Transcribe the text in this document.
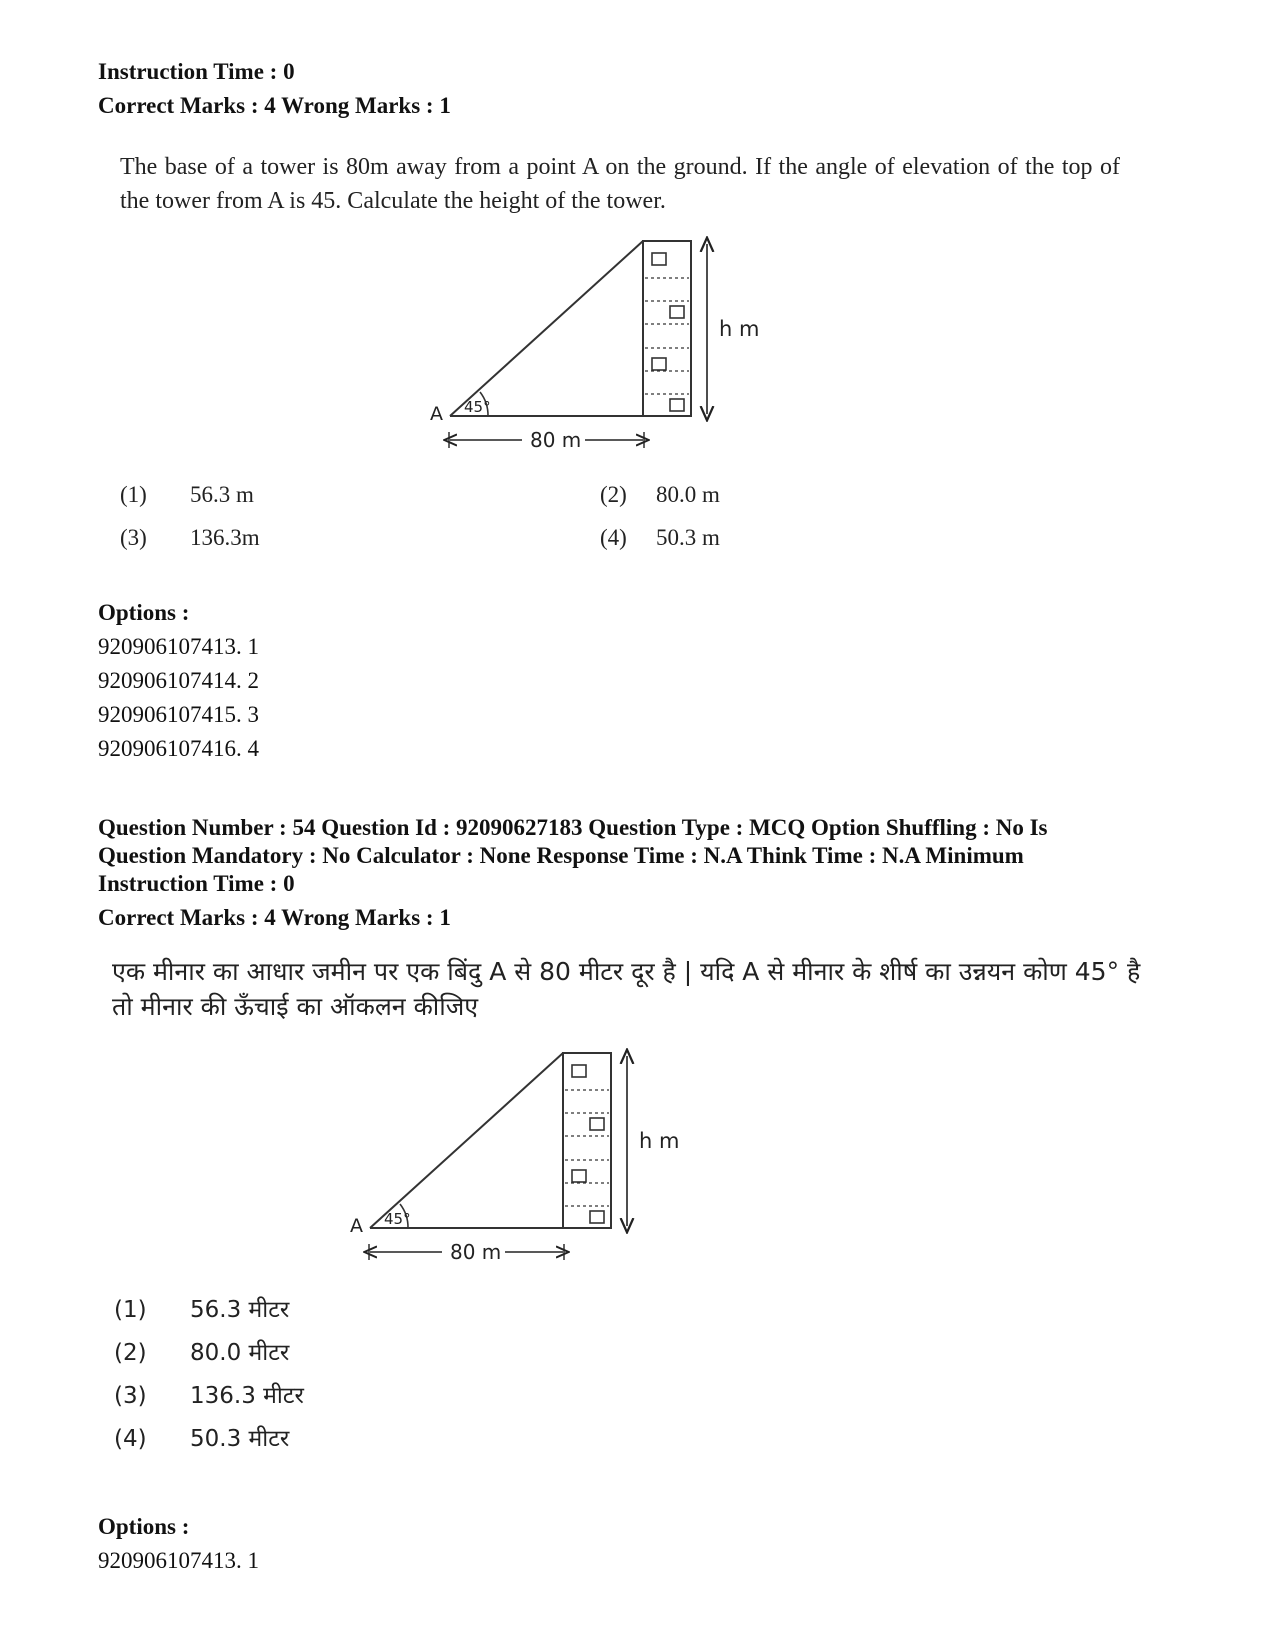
Instruction Time : 0
Correct Marks : 4 Wrong Marks : 1
The base of a tower is 80m away from a point A on the ground. If the angle of elevation of the top of the tower from A is 45. Calculate the height of the tower.
45°
A
h m
80 m
(1) 56.3 m	(2) 80.0 m
(3) 136.3m	(4) 50.3 m
Options :
920906107413. 1
920906107414. 2
920906107415. 3
920906107416. 4
Question Number : 54 Question Id : 92090627183 Question Type : MCQ Option Shuffling : No Is
Question Mandatory : No Calculator : None Response Time : N.A Think Time : N.A Minimum
Instruction Time : 0
Correct Marks : 4 Wrong Marks : 1
एक मीनार का आधार जमीन पर एक बिंदु A से 80 मीटर दूर है | यदि A से मीनार के शीर्ष का उन्नयन कोण 45° है तो मीनार की ऊँचाई का ऑकलन कीजिए
45°
A
h m
80 m
(1) 56.3 मीटर
(2) 80.0 मीटर
(3) 136.3 मीटर
(4) 50.3 मीटर
Options :
920906107413. 1
